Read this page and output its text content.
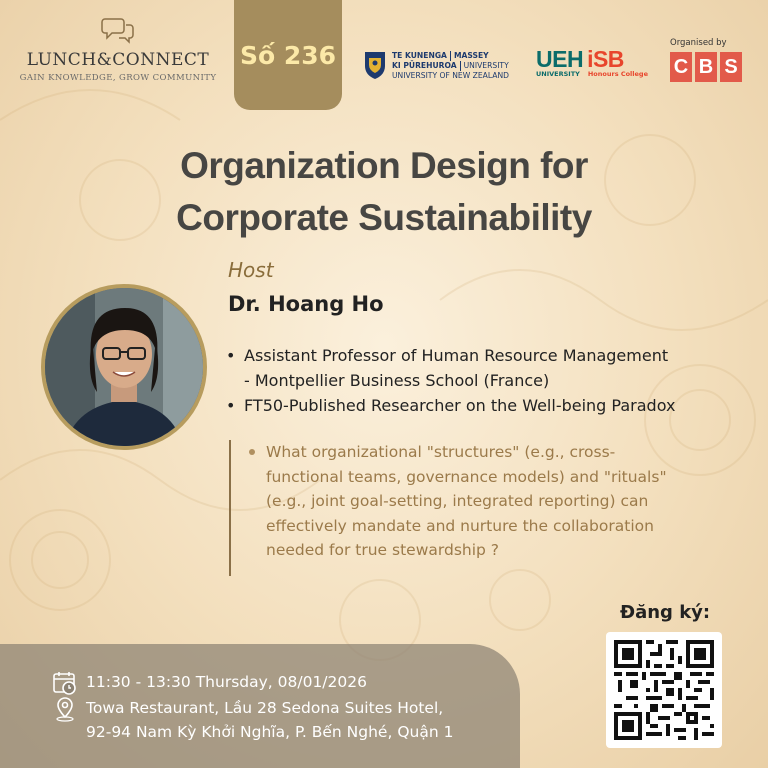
LUNCH&CONNECT
GAIN KNOWLEDGE, GROW COMMUNITY
Số 236	TE KUNENGA MASSEY
KI PŪREHUROA UNIVERSITY
UNIVERSITY OF NEW ZEALAND
UEH iSB
UNIVERSITY Honours College
Organised by
C B S
Organization Design for
Corporate Sustainability
Host
Dr. Hoang Ho
• Assistant Professor of Human Resource Management
- Montpellier Business School (France)
• FT50-Published Researcher on the Well-being Paradox

What organizational "structures" (e.g., cross-
functional teams, governance models) and "rituals"
(e.g., joint goal-setting, integrated reporting) can
effectively mandate and nurture the collaboration
needed for true stewardship ?

11:30 - 13:30 Thursday, 08/01/2026
Towa Restaurant, Lầu 28 Sedona Suites Hotel,
92-94 Nam Kỳ Khởi Nghĩa, P. Bến Nghé, Quận 1
Đăng ký:
